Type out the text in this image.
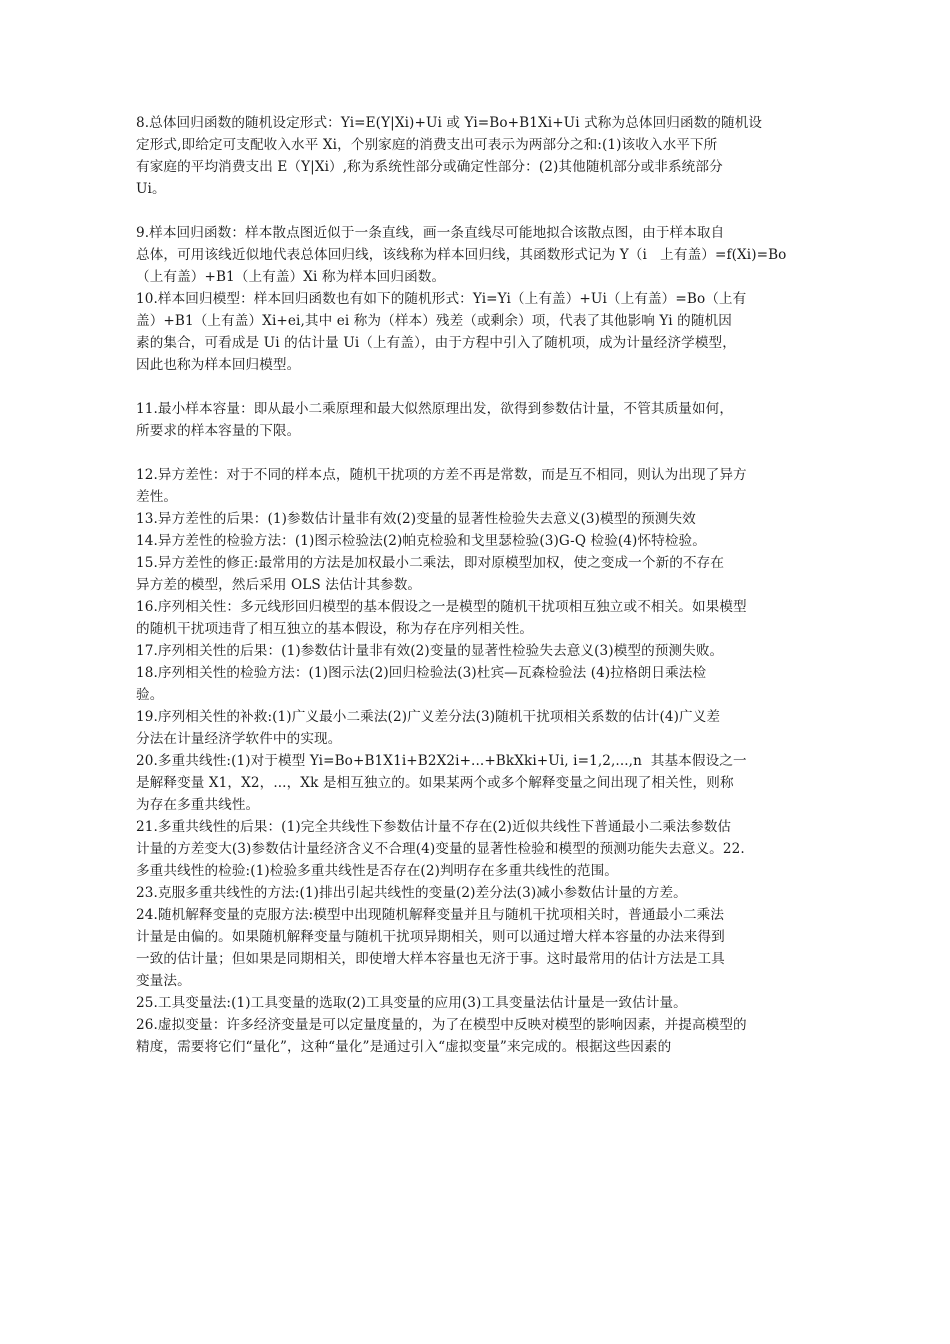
8.总体回归函数的随机设定形式：Yi=E(Y|Xi)+Ui 或 Yi=Bo+B1Xi+Ui 式称为总体回归函数的随机设
定形式,即给定可支配收入水平 Xi，个别家庭的消费支出可表示为两部分之和:(1)该收入水平下所
有家庭的平均消费支出 E（Y|Xi）,称为系统性部分或确定性部分：(2)其他随机部分或非系统部分
Ui。
9.样本回归函数：样本散点图近似于一条直线，画一条直线尽可能地拟合该散点图，由于样本取自
总体，可用该线近似地代表总体回归线，该线称为样本回归线，其函数形式记为 Y（i   上有盖）=f(Xi)=Bo
（上有盖）+B1（上有盖）Xi 称为样本回归函数。
10.样本回归模型：样本回归函数也有如下的随机形式：Yi=Yi（上有盖）+Ui（上有盖）=Bo（上有
盖）+B1（上有盖）Xi+ei,其中 ei 称为（样本）残差（或剩余）项，代表了其他影响 Yi 的随机因
素的集合，可看成是 Ui 的估计量 Ui（上有盖），由于方程中引入了随机项，成为计量经济学模型，
因此也称为样本回归模型。
11.最小样本容量：即从最小二乘原理和最大似然原理出发，欲得到参数估计量，不管其质量如何，
所要求的样本容量的下限。
12.异方差性：对于不同的样本点，随机干扰项的方差不再是常数，而是互不相同，则认为出现了异方
差性。
13.异方差性的后果：(1)参数估计量非有效(2)变量的显著性检验失去意义(3)模型的预测失效
14.异方差性的检验方法：(1)图示检验法(2)帕克检验和戈里瑟检验(3)G-Q 检验(4)怀特检验。
15.异方差性的修正:最常用的方法是加权最小二乘法，即对原模型加权，使之变成一个新的不存在
异方差的模型，然后采用 OLS 法估计其参数。
16.序列相关性：多元线形回归模型的基本假设之一是模型的随机干扰项相互独立或不相关。如果模型
的随机干扰项违背了相互独立的基本假设，称为存在序列相关性。
17.序列相关性的后果：(1)参数估计量非有效(2)变量的显著性检验失去意义(3)模型的预测失败。
18.序列相关性的检验方法：(1)图示法(2)回归检验法(3)杜宾—瓦森检验法 (4)拉格朗日乘法检
验。
19.序列相关性的补救:(1)广义最小二乘法(2)广义差分法(3)随机干扰项相关系数的估计(4)广义差
分法在计量经济学软件中的实现。
20.多重共线性:(1)对于模型 Yi=Bo+B1X1i+B2X2i+...+BkXki+Ui, i=1,2,...,n  其基本假设之一
是解释变量 X1，X2，...，Xk 是相互独立的。如果某两个或多个解释变量之间出现了相关性，则称
为存在多重共线性。
21.多重共线性的后果：(1)完全共线性下参数估计量不存在(2)近似共线性下普通最小二乘法参数估
计量的方差变大(3)参数估计量经济含义不合理(4)变量的显著性检验和模型的预测功能失去意义。22.
多重共线性的检验:(1)检验多重共线性是否存在(2)判明存在多重共线性的范围。
23.克服多重共线性的方法:(1)排出引起共线性的变量(2)差分法(3)减小参数估计量的方差。
24.随机解释变量的克服方法:模型中出现随机解释变量并且与随机干扰项相关时，普通最小二乘法
计量是由偏的。如果随机解释变量与随机干扰项异期相关，则可以通过增大样本容量的办法来得到
一致的估计量；但如果是同期相关，即使增大样本容量也无济于事。这时最常用的估计方法是工具
变量法。
25.工具变量法:(1)工具变量的选取(2)工具变量的应用(3)工具变量法估计量是一致估计量。
26.虚拟变量：许多经济变量是可以定量度量的，为了在模型中反映对模型的影响因素，并提高模型的
精度，需要将它们“量化”，这种“量化”是通过引入“虚拟变量”来完成的。根据这些因素的
